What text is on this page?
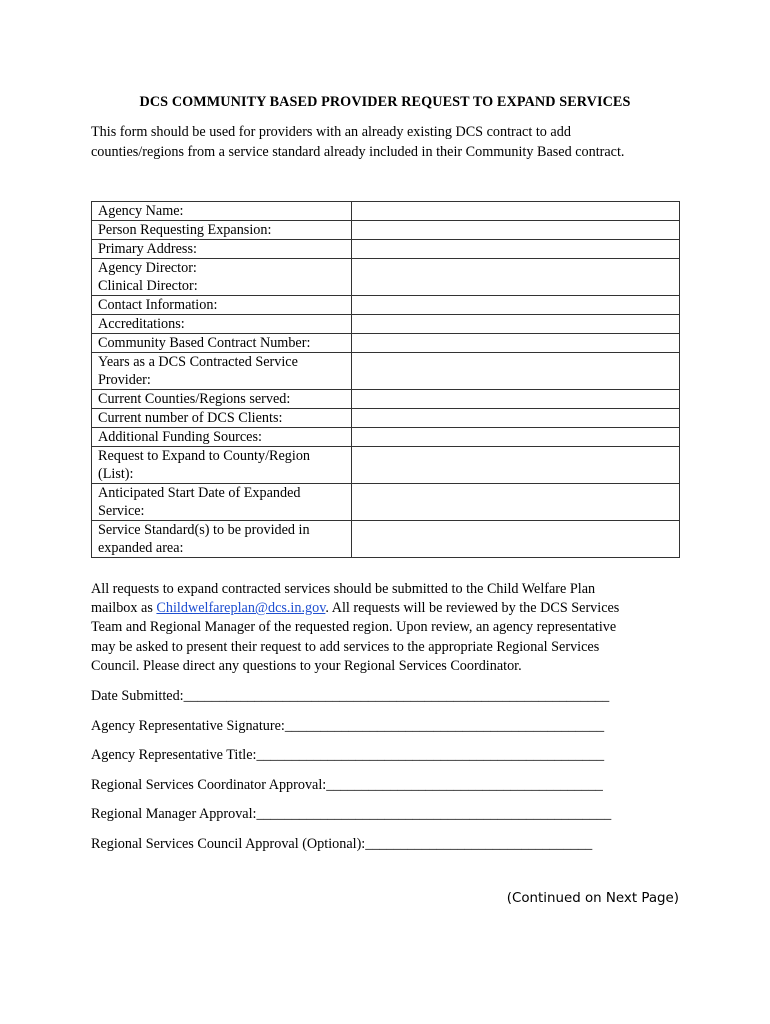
DCS COMMUNITY BASED PROVIDER REQUEST TO EXPAND SERVICES
This form should be used for providers with an already existing DCS contract to add
counties/regions from a service standard already included in their Community Based contract.
Agency Name:	

Person Requesting Expansion:	

Primary Address:	

Agency Director:
Clinical Director:	

Contact Information:	

Accreditations:	

Community Based Contract Number:	

Years as a DCS Contracted Service
Provider:	

Current Counties/Regions served:	

Current number of DCS Clients:	

Additional Funding Sources:	

Request to Expand to County/Region
(List):	

Anticipated Start Date of Expanded
Service:	

Service Standard(s) to be provided in
expanded area:	

All requests to expand contracted services should be submitted to the Child Welfare Plan
mailbox as Childwelfareplan@dcs.in.gov. All requests will be reviewed by the DCS Services
Team and Regional Manager of the requested region. Upon review, an agency representative
may be asked to present their request to add services to the appropriate Regional Services
Council. Please direct any questions to your Regional Services Coordinator.
Date Submitted:____________________________________________________________
Agency Representative Signature:_____________________________________________
Agency Representative Title:_________________________________________________
Regional Services Coordinator Approval:_______________________________________
Regional Manager Approval:__________________________________________________
Regional Services Council Approval (Optional):________________________________
(Continued on Next Page)
